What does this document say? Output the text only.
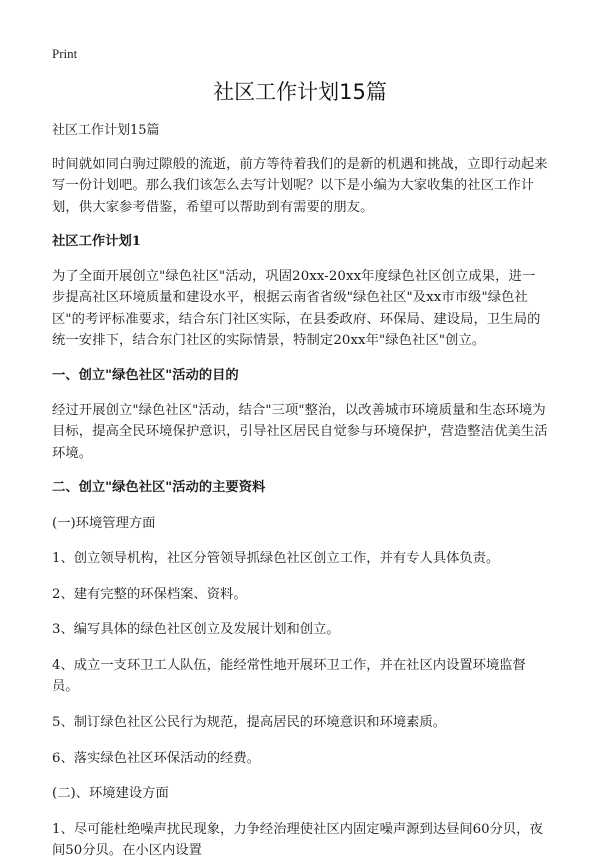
Print
社区工作计划15篇
社区工作计划15篇
时间就如同白驹过隙般的流逝，前方等待着我们的是新的机遇和挑战，立即行动起来写一份计划吧。那么我们该怎么去写计划呢？以下是小编为大家收集的社区工作计划，供大家参考借鉴，希望可以帮助到有需要的朋友。
社区工作计划1
为了全面开展创立"绿色社区"活动，巩固20xx-20xx年度绿色社区创立成果，进一步提高社区环境质量和建设水平，根据云南省省级"绿色社区"及xx市市级"绿色社区"的考评标准要求，结合东门社区实际，在县委政府、环保局、建设局，卫生局的统一安排下，结合东门社区的实际情景，特制定20xx年"绿色社区"创立。
一、创立"绿色社区"活动的目的
经过开展创立"绿色社区"活动，结合"三项"整治，以改善城市环境质量和生态环境为目标，提高全民环境保护意识，引导社区居民自觉参与环境保护，营造整洁优美生活环境。
二、创立"绿色社区"活动的主要资料
(一)环境管理方面
1、创立领导机构，社区分管领导抓绿色社区创立工作，并有专人具体负责。
2、建有完整的环保档案、资料。
3、编写具体的绿色社区创立及发展计划和创立。
4、成立一支环卫工人队伍，能经常性地开展环卫工作，并在社区内设置环境监督员。
5、制订绿色社区公民行为规范，提高居民的环境意识和环境素质。
6、落实绿色社区环保活动的经费。
(二)、环境建设方面
1、尽可能杜绝噪声扰民现象，力争经治理使社区内固定噪声源到达昼间60分贝，夜间50分贝。在小区内设置
